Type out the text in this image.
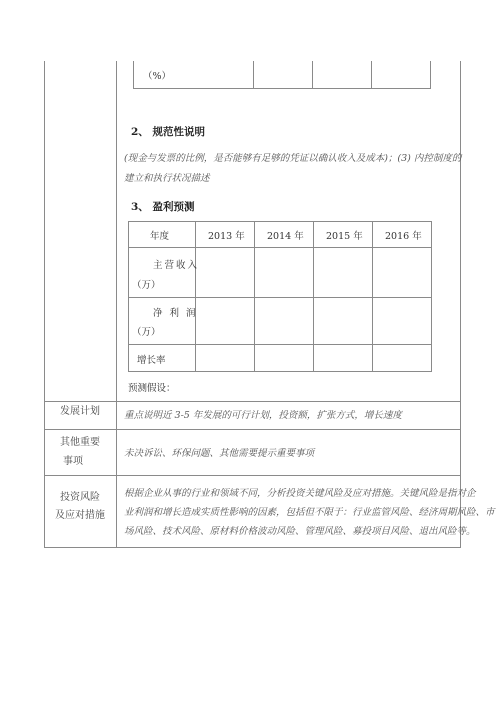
（%）
2、 规范性说明
(现金与发票的比例，是否能够有足够的凭证以确认收入及成本)；(3) 内控制度的
建立和执行状况描述
3、 盈利预测
年度	2013 年 2014 年 2015 年 2016 年
主营收入
（万）
净 利 润
（万）
增长率
预测假设：
发展计划	重点说明近 3-5 年发展的可行计划，投资额，扩张方式，增长速度
其他重要
事项
未决诉讼、环保问题、其他需要提示重要事项
投资风险
及应对措施
根据企业从事的行业和领域不同，分析投资关键风险及应对措施。关键风险是指对企
业利润和增长造成实质性影响的因素，包括但不限于：行业监管风险、经济周期风险、市
场风险、技术风险、原材料价格波动风险、管理风险、募投项目风险、退出风险等。
